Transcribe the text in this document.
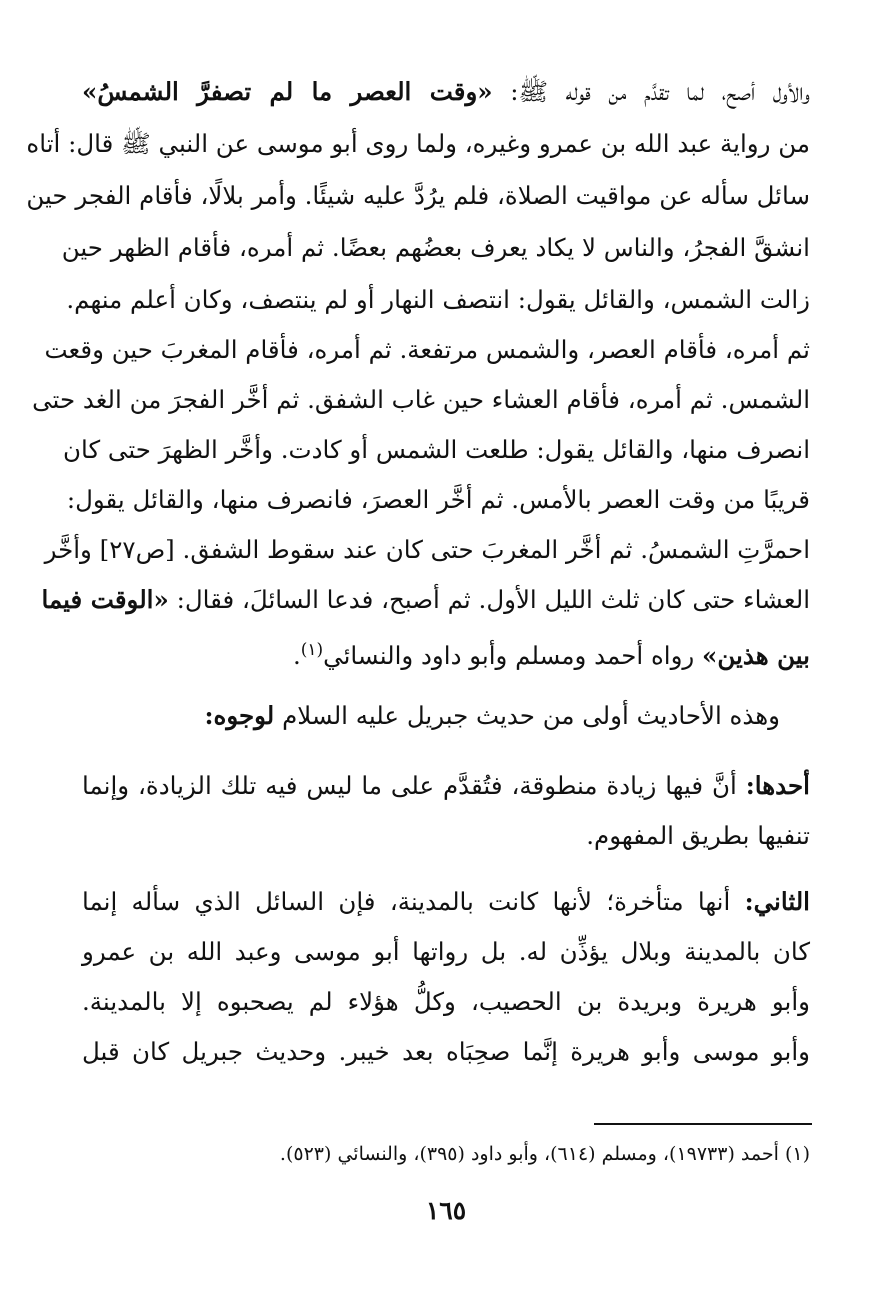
والأول أصح، لما تقدَّم من قوله ﷺ: «وقت العصر ما لم تصفرَّ الشمسُ»
من رواية عبد الله بن عمرو وغيره، ولما روى أبو موسى عن النبي ﷺ قال: أتاه
سائل سأله عن مواقيت الصلاة، فلم يرُدَّ عليه شيئًا. وأمر بلالًا، فأقام الفجر حين
انشقَّ الفجرُ، والناس لا يكاد يعرف بعضُهم بعضًا. ثم أمره، فأقام الظهر حين
زالت الشمس، والقائل يقول: انتصف النهار أو لم ينتصف، وكان أعلم منهم.
ثم أمره، فأقام العصر، والشمس مرتفعة. ثم أمره، فأقام المغربَ حين وقعت
الشمس. ثم أمره، فأقام العشاء حين غاب الشفق. ثم أخَّر الفجرَ من الغد حتى
انصرف منها، والقائل يقول: طلعت الشمس أو كادت. وأخَّر الظهرَ حتى كان
قريبًا من وقت العصر بالأمس. ثم أخَّر العصرَ، فانصرف منها، والقائل يقول:
احمرَّتِ الشمسُ. ثم أخَّر المغربَ حتى كان عند سقوط الشفق. [ص٢٧] وأخَّر
العشاء حتى كان ثلث الليل الأول. ثم أصبح، فدعا السائلَ، فقال: «الوقت فيما
بين هذين» رواه أحمد ومسلم وأبو داود والنسائي$^{(١)}$.
وهذه الأحاديث أولى من حديث جبريل عليه السلام لوجوه:
أحدها: أنَّ فيها زيادة منطوقة، فتُقدَّم على ما ليس فيه تلك الزيادة، وإنما
تنفيها بطريق المفهوم.
الثاني: أنها متأخرة؛ لأنها كانت بالمدينة، فإن السائل الذي سأله إنما
كان بالمدينة وبلال يؤذِّن له. بل رواتها أبو موسى وعبد الله بن عمرو
وأبو هريرة وبريدة بن الحصيب، وكلُّ هؤلاء لم يصحبوه إلا بالمدينة.
وأبو موسى وأبو هريرة إنَّما صحِبَاه بعد خيبر. وحديث جبريل كان قبل
(١) أحمد (١٩٧٣٣)، ومسلم (٦١٤)، وأبو داود (٣٩٥)، والنسائي (٥٢٣).
١٦٥
